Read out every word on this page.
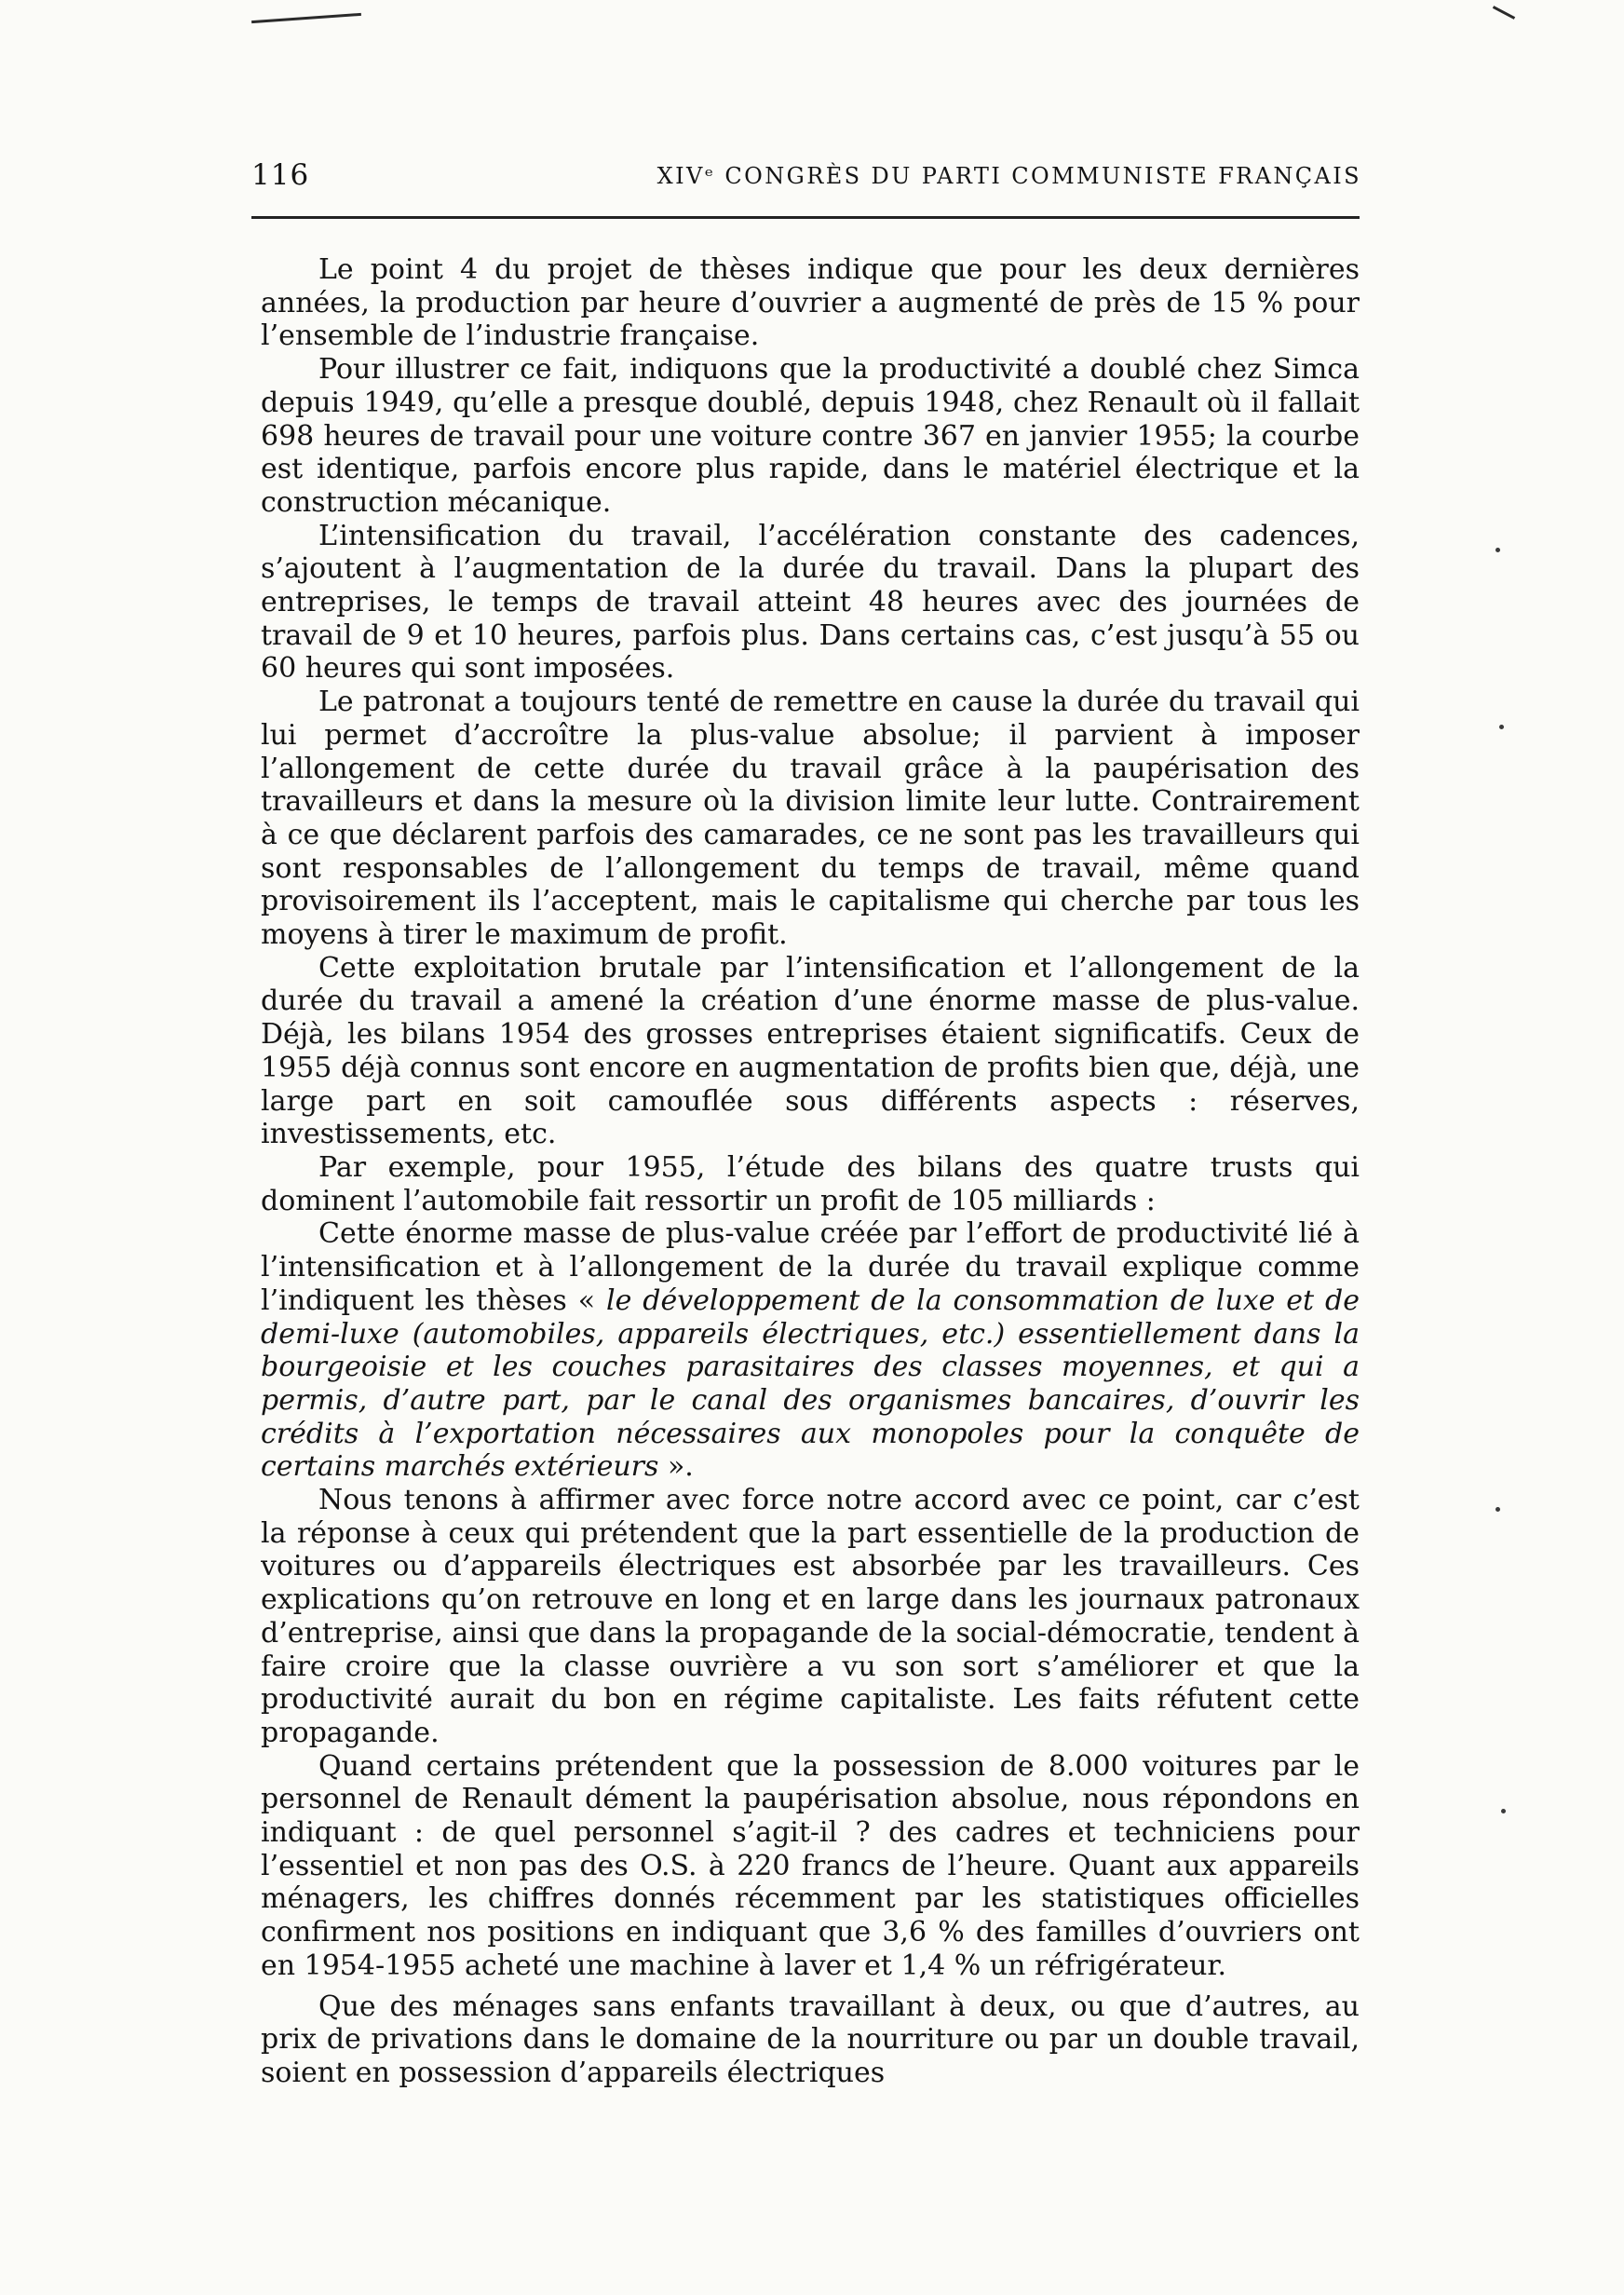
116	XIVᵉ CONGRÈS DU PARTI COMMUNISTE FRANÇAIS

Le point 4 du projet de thèses indique que pour les deux dernières années, la production par heure d’ouvrier a augmenté de près de 15 % pour l’ensemble de l’industrie française.

Pour illustrer ce fait, indiquons que la productivité a doublé chez Simca depuis 1949, qu’elle a presque doublé, depuis 1948, chez Renault où il fallait 698 heures de travail pour une voiture contre 367 en janvier 1955; la courbe est identique, parfois encore plus rapide, dans le matériel électrique et la construction mécanique.

L’intensification du travail, l’accélération constante des cadences, s’ajoutent à l’augmentation de la durée du travail. Dans la plupart des entreprises, le temps de travail atteint 48 heures avec des journées de travail de 9 et 10 heures, parfois plus. Dans certains cas, c’est jusqu’à 55 ou 60 heures qui sont imposées.

Le patronat a toujours tenté de remettre en cause la durée du travail qui lui permet d’accroître la plus-value absolue; il parvient à imposer l’allongement de cette durée du travail grâce à la paupérisation des travailleurs et dans la mesure où la division limite leur lutte. Contrairement à ce que déclarent parfois des camarades, ce ne sont pas les travailleurs qui sont responsables de l’allongement du temps de travail, même quand provisoirement ils l’acceptent, mais le capitalisme qui cherche par tous les moyens à tirer le maximum de profit.

Cette exploitation brutale par l’intensification et l’allongement de la durée du travail a amené la création d’une énorme masse de plus-value. Déjà, les bilans 1954 des grosses entreprises étaient significatifs. Ceux de 1955 déjà connus sont encore en augmentation de profits bien que, déjà, une large part en soit camouflée sous différents aspects : réserves, investissements, etc.

Par exemple, pour 1955, l’étude des bilans des quatre trusts qui dominent l’automobile fait ressortir un profit de 105 milliards :

Cette énorme masse de plus-value créée par l’effort de productivité lié à l’intensification et à l’allongement de la durée du travail explique comme l’indiquent les thèses « le développement de la consommation de luxe et de demi-luxe (automobiles, appareils électriques, etc.) essentiellement dans la bourgeoisie et les couches parasitaires des classes moyennes, et qui a permis, d’autre part, par le canal des organismes bancaires, d’ouvrir les crédits à l’exportation nécessaires aux monopoles pour la conquête de certains marchés extérieurs ».

Nous tenons à affirmer avec force notre accord avec ce point, car c’est la réponse à ceux qui prétendent que la part essentielle de la production de voitures ou d’appareils électriques est absorbée par les travailleurs. Ces explications qu’on retrouve en long et en large dans les journaux patronaux d’entreprise, ainsi que dans la propagande de la social-démocratie, tendent à faire croire que la classe ouvrière a vu son sort s’améliorer et que la productivité aurait du bon en régime capitaliste. Les faits réfutent cette propagande.

Quand certains prétendent que la possession de 8.000 voitures par le personnel de Renault dément la paupérisation absolue, nous répondons en indiquant : de quel personnel s’agit-il ? des cadres et techniciens pour l’essentiel et non pas des O.S. à 220 francs de l’heure. Quant aux appareils ménagers, les chiffres donnés récemment par les statistiques officielles confirment nos positions en indiquant que 3,6 % des familles d’ouvriers ont en 1954-1955 acheté une machine à laver et 1,4 % un réfrigérateur.

Que des ménages sans enfants travaillant à deux, ou que d’autres, au prix de privations dans le domaine de la nourriture ou par un double travail, soient en possession d’appareils électriques
